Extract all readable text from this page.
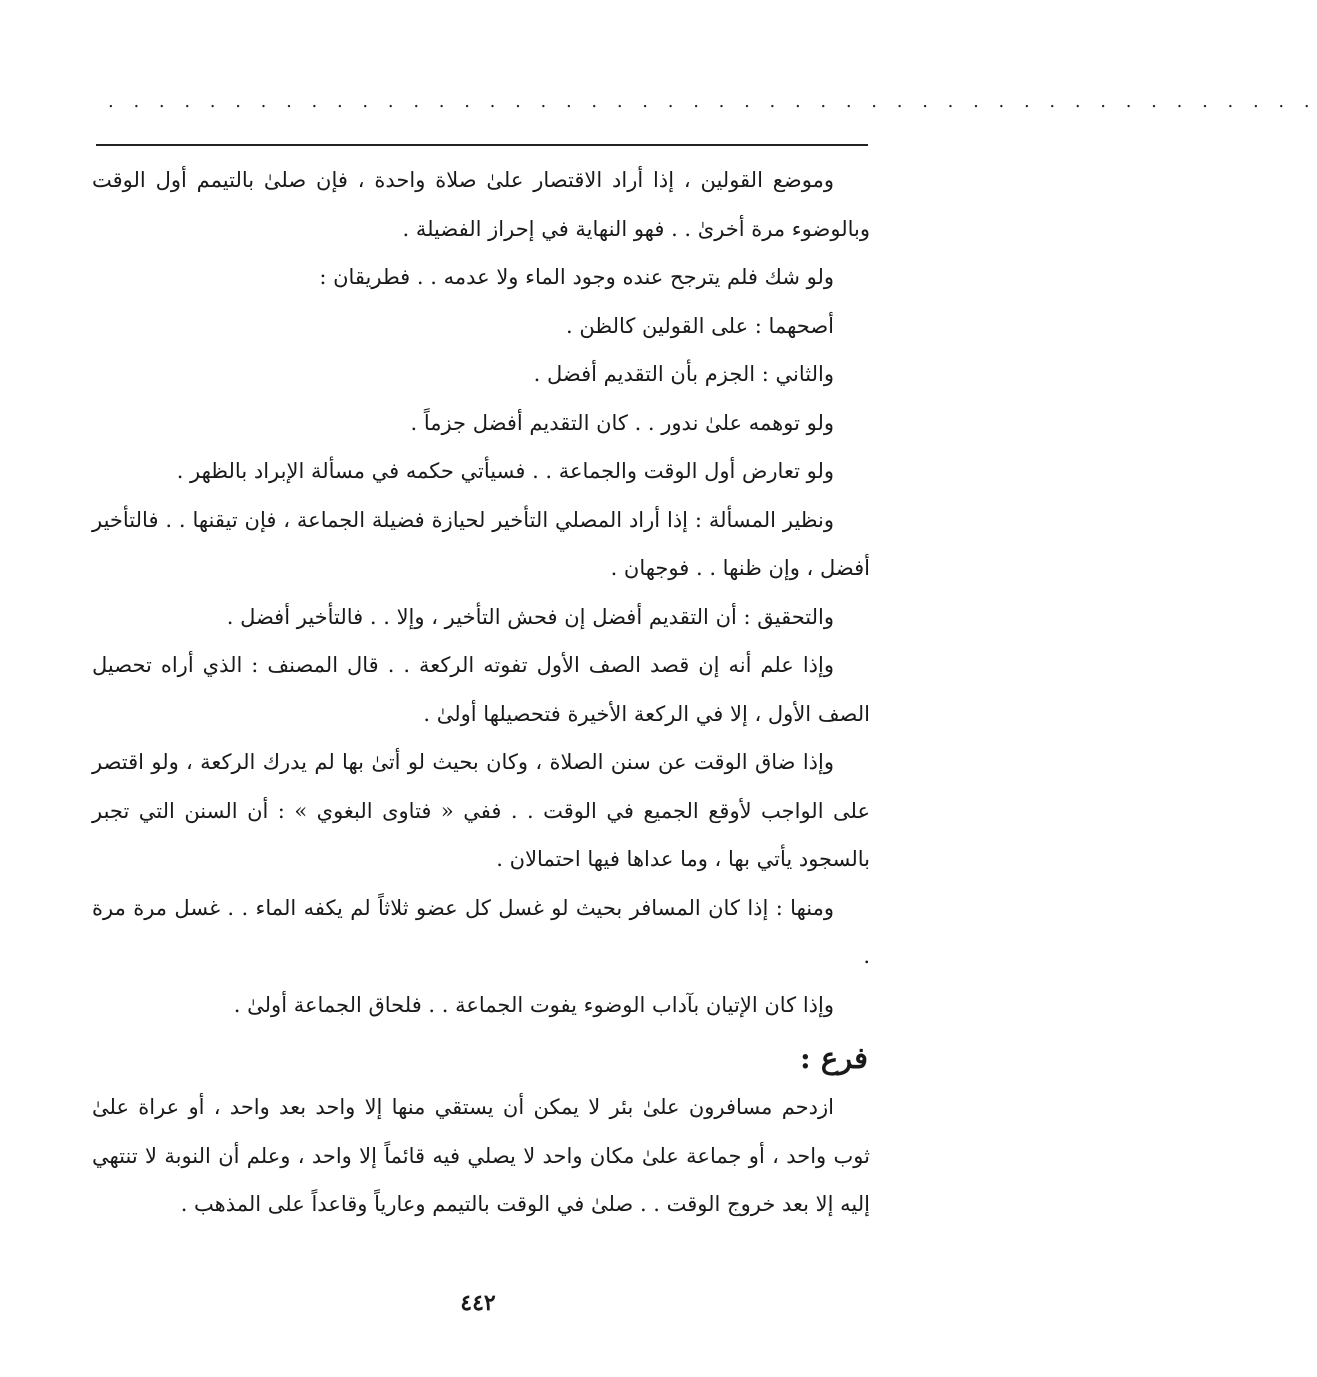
. . . . . . . . . . . . . . . . . . . . . . . . . . . . . . . . . . . . . . . . . . . . . . . .

وموضع القولين ، إذا أراد الاقتصار علىٰ صلاة واحدة ، فإن صلىٰ بالتيمم أول الوقت وبالوضوء مرة أخرىٰ . . فهو النهاية في إحراز الفضيلة .

ولو شك فلم يترجح عنده وجود الماء ولا عدمه . . فطريقان :

أصحهما : على القولين كالظن .

والثاني : الجزم بأن التقديم أفضل .

ولو توهمه علىٰ ندور . . كان التقديم أفضل جزماً .

ولو تعارض أول الوقت والجماعة . . فسيأتي حكمه في مسألة الإبراد بالظهر .

ونظير المسألة : إذا أراد المصلي التأخير لحيازة فضيلة الجماعة ، فإن تيقنها . . فالتأخير أفضل ، وإن ظنها . . فوجهان .

والتحقيق : أن التقديم أفضل إن فحش التأخير ، وإلا . . فالتأخير أفضل .

وإذا علم أنه إن قصد الصف الأول تفوته الركعة . . قال المصنف : الذي أراه تحصيل الصف الأول ، إلا في الركعة الأخيرة فتحصيلها أولىٰ .

وإذا ضاق الوقت عن سنن الصلاة ، وكان بحيث لو أتىٰ بها لم يدرك الركعة ، ولو اقتصر على الواجب لأوقع الجميع في الوقت . . ففي « فتاوى البغوي » : أن السنن التي تجبر بالسجود يأتي بها ، وما عداها فيها احتمالان .

ومنها : إذا كان المسافر بحيث لو غسل كل عضو ثلاثاً لم يكفه الماء . . غسل مرة مرة .

وإذا كان الإتيان بآداب الوضوء يفوت الجماعة . . فلحاق الجماعة أولىٰ .

فرع :

ازدحم مسافرون علىٰ بئر لا يمكن أن يستقي منها إلا واحد بعد واحد ، أو عراة علىٰ ثوب واحد ، أو جماعة علىٰ مكان واحد لا يصلي فيه قائماً إلا واحد ، وعلم أن النوبة لا تنتهي إليه إلا بعد خروج الوقت . . صلىٰ في الوقت بالتيمم وعارياً وقاعداً على المذهب .

٤٤٢
